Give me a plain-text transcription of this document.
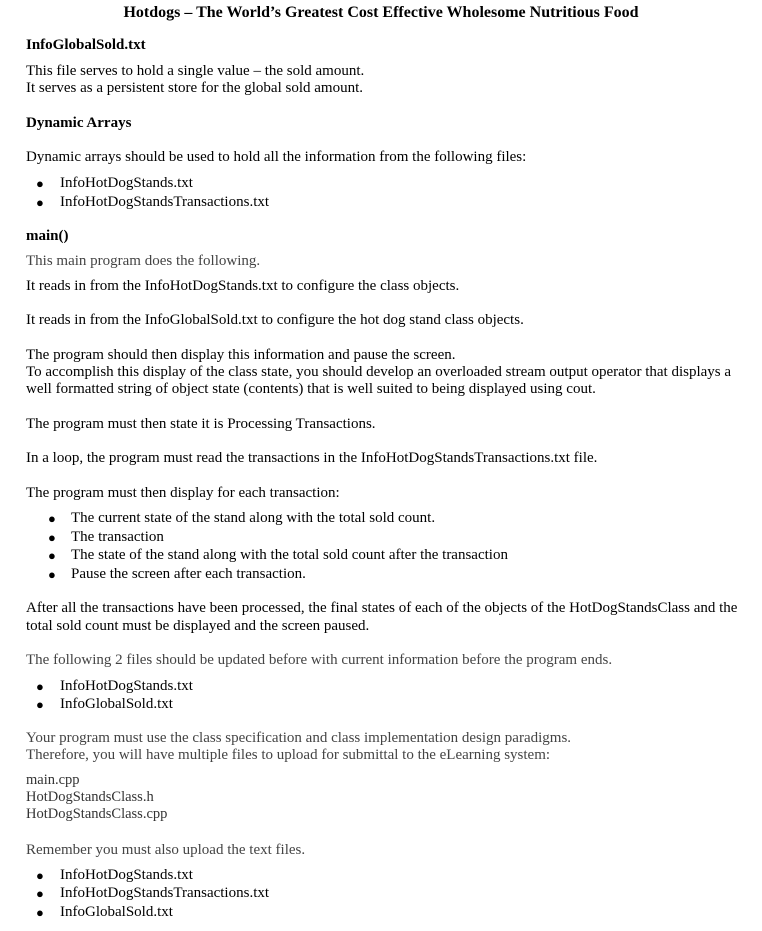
Hotdogs – The World’s Greatest Cost Effective Wholesome Nutritious Food
InfoGlobalSold.txt
This file serves to hold a single value – the sold amount.
It serves as a persistent store for the global sold amount.
Dynamic Arrays
Dynamic arrays should be used to hold all the information from the following files:
● InfoHotDogStands.txt
● InfoHotDogStandsTransactions.txt
main()
This main program does the following.
It reads in from the InfoHotDogStands.txt to configure the class objects.
It reads in from the InfoGlobalSold.txt to configure the hot dog stand class objects.
The program should then display this information and pause the screen.
To accomplish this display of the class state, you should develop an overloaded stream output operator that displays a
well formatted string of object state (contents) that is well suited to being displayed using cout.
The program must then state it is Processing Transactions.
In a loop, the program must read the transactions in the InfoHotDogStandsTransactions.txt file.
The program must then display for each transaction:
● The current state of the stand along with the total sold count.
● The transaction
● The state of the stand along with the total sold count after the transaction
● Pause the screen after each transaction.
After all the transactions have been processed, the final states of each of the objects of the HotDogStandsClass and the
total sold count must be displayed and the screen paused.
The following 2 files should be updated before with current information before the program ends.
● InfoHotDogStands.txt
● InfoGlobalSold.txt
Your program must use the class specification and class implementation design paradigms.
Therefore, you will have multiple files to upload for submittal to the eLearning system:
main.cpp
HotDogStandsClass.h
HotDogStandsClass.cpp
Remember you must also upload the text files.
● InfoHotDogStands.txt
● InfoHotDogStandsTransactions.txt
● InfoGlobalSold.txt
